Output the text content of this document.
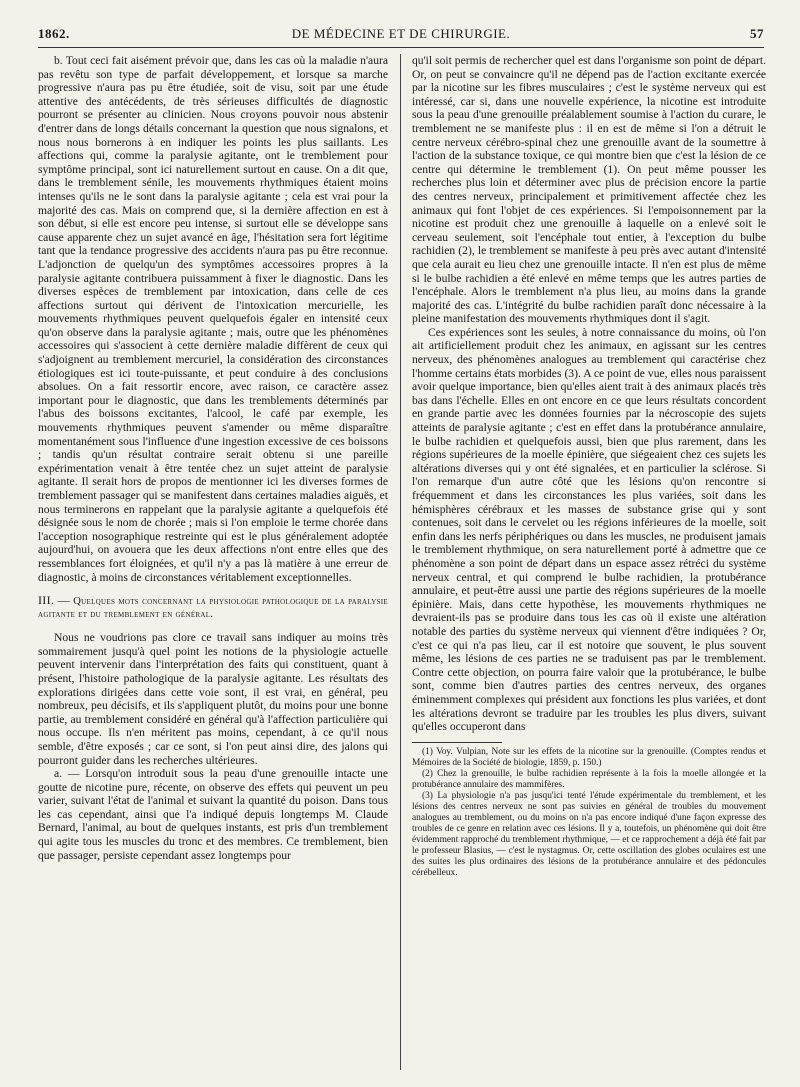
1862.	DE MÉDECINE ET DE CHIRURGIE.	57

b. Tout ceci fait aisément prévoir que, dans les cas où la maladie n'aura pas revêtu son type de parfait développement, et lorsque sa marche progressive n'aura pas pu être étudiée, soit de visu, soit par une étude attentive des antécédents, de très sérieuses difficultés de diagnostic pourront se présenter au clinicien. Nous croyons pouvoir nous abstenir d'entrer dans de longs détails concernant la question que nous signalons, et nous nous bornerons à en indiquer les points les plus saillants. Les affections qui, comme la paralysie agitante, ont le tremblement pour symptôme principal, sont ici naturellement surtout en cause. On a dit que, dans le tremblement sénile, les mouvements rhythmiques étaient moins intenses qu'ils ne le sont dans la paralysie agitante ; cela est vrai pour la majorité des cas. Mais on comprend que, si la dernière affection en est à son début, si elle est encore peu intense, si surtout elle se développe sans cause apparente chez un sujet avancé en âge, l'hésitation sera fort légitime tant que la tendance progressive des accidents n'aura pas pu être reconnue. L'adjonction de quelqu'un des symptômes accessoires propres à la paralysie agitante contribuera puissamment à fixer le diagnostic. Dans les diverses espèces de tremblement par intoxication, dans celle de ces affections surtout qui dérivent de l'intoxication mercurielle, les mouvements rhythmiques peuvent quelquefois égaler en intensité ceux qu'on observe dans la paralysie agitante ; mais, outre que les phénomènes accessoires qui s'associent à cette dernière maladie diffèrent de ceux qui s'adjoignent au tremblement mercuriel, la considération des circonstances étiologiques est ici toute-puissante, et peut conduire à des conclusions absolues. On a fait ressortir encore, avec raison, ce caractère assez important pour le diagnostic, que dans les tremblements déterminés par l'abus des boissons excitantes, l'alcool, le café par exemple, les mouvements rhythmiques peuvent s'amender ou même disparaître momentanément sous l'influence d'une ingestion excessive de ces boissons ; tandis qu'un résultat contraire serait obtenu si une pareille expérimentation venait à être tentée chez un sujet atteint de paralysie agitante. Il serait hors de propos de mentionner ici les diverses formes de tremblement passager qui se manifestent dans certaines maladies aiguës, et nous terminerons en rappelant que la paralysie agitante a quelquefois été désignée sous le nom de chorée ; mais si l'on emploie le terme chorée dans l'acception nosographique restreinte qui est le plus généralement adoptée aujourd'hui, on avouera que les deux affections n'ont entre elles que des ressemblances fort éloignées, et qu'il n'y a pas là matière à une erreur de diagnostic, à moins de circonstances véritablement exceptionnelles.

III. — Quelques mots concernant la physiologie pathologique de la paralysie agitante et du tremblement en général.

Nous ne voudrions pas clore ce travail sans indiquer au moins très sommairement jusqu'à quel point les notions de la physiologie actuelle peuvent intervenir dans l'interprétation des faits qui constituent, quant à présent, l'histoire pathologique de la paralysie agitante. Les résultats des explorations dirigées dans cette voie sont, il est vrai, en général, peu nombreux, peu décisifs, et ils s'appliquent plutôt, du moins pour une bonne partie, au tremblement considéré en général qu'à l'affection particulière qui nous occupe. Ils n'en méritent pas moins, cependant, à ce qu'il nous semble, d'être exposés ; car ce sont, si l'on peut ainsi dire, des jalons qui pourront guider dans les recherches ultérieures.

a. — Lorsqu'on introduit sous la peau d'une grenouille intacte une goutte de nicotine pure, récente, on observe des effets qui peuvent un peu varier, suivant l'état de l'animal et suivant la quantité du poison. Dans tous les cas cependant, ainsi que l'a indiqué depuis longtemps M. Claude Bernard, l'animal, au bout de quelques instants, est pris d'un tremblement qui agite tous les muscles du tronc et des membres. Ce tremblement, bien que passager, persiste cependant assez longtemps pour

qu'il soit permis de rechercher quel est dans l'organisme son point de départ. Or, on peut se convaincre qu'il ne dépend pas de l'action excitante exercée par la nicotine sur les fibres musculaires ; c'est le système nerveux qui est intéressé, car si, dans une nouvelle expérience, la nicotine est introduite sous la peau d'une grenouille préalablement soumise à l'action du curare, le tremblement ne se manifeste plus : il en est de même si l'on a détruit le centre nerveux cérébro-spinal chez une grenouille avant de la soumettre à l'action de la substance toxique, ce qui montre bien que c'est la lésion de ce centre qui détermine le tremblement (1). On peut même pousser les recherches plus loin et déterminer avec plus de précision encore la partie des centres nerveux, principalement et primitivement affectée chez les animaux qui font l'objet de ces expériences. Si l'empoisonnement par la nicotine est produit chez une grenouille à laquelle on a enlevé soit le cerveau seulement, soit l'encéphale tout entier, à l'exception du bulbe rachidien (2), le tremblement se manifeste à peu près avec autant d'intensité que cela aurait eu lieu chez une grenouille intacte. Il n'en est plus de même si le bulbe rachidien a été enlevé en même temps que les autres parties de l'encéphale. Alors le tremblement n'a plus lieu, au moins dans la grande majorité des cas. L'intégrité du bulbe rachidien paraît donc nécessaire à la pleine manifestation des mouvements rhythmiques dont il s'agit.

Ces expériences sont les seules, à notre connaissance du moins, où l'on ait artificiellement produit chez les animaux, en agissant sur les centres nerveux, des phénomènes analogues au tremblement qui caractérise chez l'homme certains états morbides (3). A ce point de vue, elles nous paraissent avoir quelque importance, bien qu'elles aient trait à des animaux placés très bas dans l'échelle. Elles en ont encore en ce que leurs résultats concordent en grande partie avec les données fournies par la nécroscopie des sujets atteints de paralysie agitante ; c'est en effet dans la protubérance annulaire, le bulbe rachidien et quelquefois aussi, bien que plus rarement, dans les régions supérieures de la moelle épinière, que siégeaient chez ces sujets les altérations diverses qui y ont été signalées, et en particulier la sclérose. Si l'on remarque d'un autre côté que les lésions qu'on rencontre si fréquemment et dans les circonstances les plus variées, soit dans les hémisphères cérébraux et les masses de substance grise qui y sont contenues, soit dans le cervelet ou les régions inférieures de la moelle, soit enfin dans les nerfs périphériques ou dans les muscles, ne produisent jamais le tremblement rhythmique, on sera naturellement porté à admettre que ce phénomène a son point de départ dans un espace assez rétréci du système nerveux central, et qui comprend le bulbe rachidien, la protubérance annulaire, et peut-être aussi une partie des régions supérieures de la moelle épinière. Mais, dans cette hypothèse, les mouvements rhythmiques ne devraient-ils pas se produire dans tous les cas où il existe une altération notable des parties du système nerveux qui viennent d'être indiquées ? Or, c'est ce qui n'a pas lieu, car il est notoire que souvent, le plus souvent même, les lésions de ces parties ne se traduisent pas par le tremblement. Contre cette objection, on pourra faire valoir que la protubérance, le bulbe sont, comme bien d'autres parties des centres nerveux, des organes éminemment complexes qui président aux fonctions les plus variées, et dont les altérations devront se traduire par les troubles les plus divers, suivant qu'elles occuperont dans

(1) Voy. Vulpian, Note sur les effets de la nicotine sur la grenouille. (Comptes rendus et Mémoires de la Société de biologie, 1859, p. 150.)

(2) Chez la grenouille, le bulbe rachidien représente à la fois la moelle allongée et la protubérance annulaire des mammifères.

(3) La physiologie n'a pas jusqu'ici tenté l'étude expérimentale du tremblement, et les lésions des centres nerveux ne sont pas suivies en général de troubles du mouvement analogues au tremblement, ou du moins on n'a pas encore indiqué d'une façon expresse des troubles de ce genre en relation avec ces lésions. Il y a, toutefois, un phénomène qui doit être évidemment rapproché du tremblement rhythmique, — et ce rapprochement a déjà été fait par le professeur Blasius, — c'est le nystagmus. Or, cette oscillation des globes oculaires est une des suites les plus ordinaires des lésions de la protubérance annulaire et des pédoncules cérébelleux.
